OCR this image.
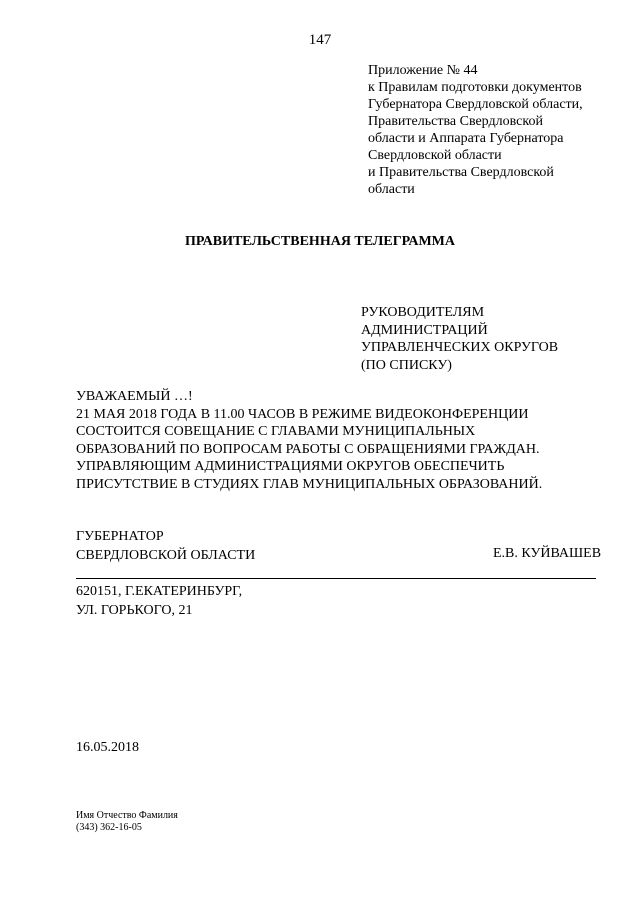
147
Приложение № 44
к Правилам подготовки документов
Губернатора Свердловской области,
Правительства Свердловской
области и Аппарата Губернатора
Свердловской области
и Правительства Свердловской
области
ПРАВИТЕЛЬСТВЕННАЯ ТЕЛЕГРАММА
РУКОВОДИТЕЛЯМ
АДМИНИСТРАЦИЙ
УПРАВЛЕНЧЕСКИХ ОКРУГОВ
(ПО СПИСКУ)
УВАЖАЕМЫЙ …!
21 МАЯ 2018 ГОДА В 11.00 ЧАСОВ В РЕЖИМЕ ВИДЕОКОНФЕРЕНЦИИ
СОСТОИТСЯ СОВЕЩАНИЕ С ГЛАВАМИ МУНИЦИПАЛЬНЫХ
ОБРАЗОВАНИЙ ПО ВОПРОСАМ РАБОТЫ С ОБРАЩЕНИЯМИ ГРАЖДАН.
УПРАВЛЯЮЩИМ АДМИНИСТРАЦИЯМИ ОКРУГОВ ОБЕСПЕЧИТЬ
ПРИСУТСТВИЕ В СТУДИЯХ ГЛАВ МУНИЦИПАЛЬНЫХ ОБРАЗОВАНИЙ.
ГУБЕРНАТОР
СВЕРДЛОВСКОЙ ОБЛАСТИ	Е.В. КУЙВАШЕВ
620151, Г.ЕКАТЕРИНБУРГ,
УЛ. ГОРЬКОГО, 21
16.05.2018
Имя Отчество Фамилия
(343) 362-16-05
